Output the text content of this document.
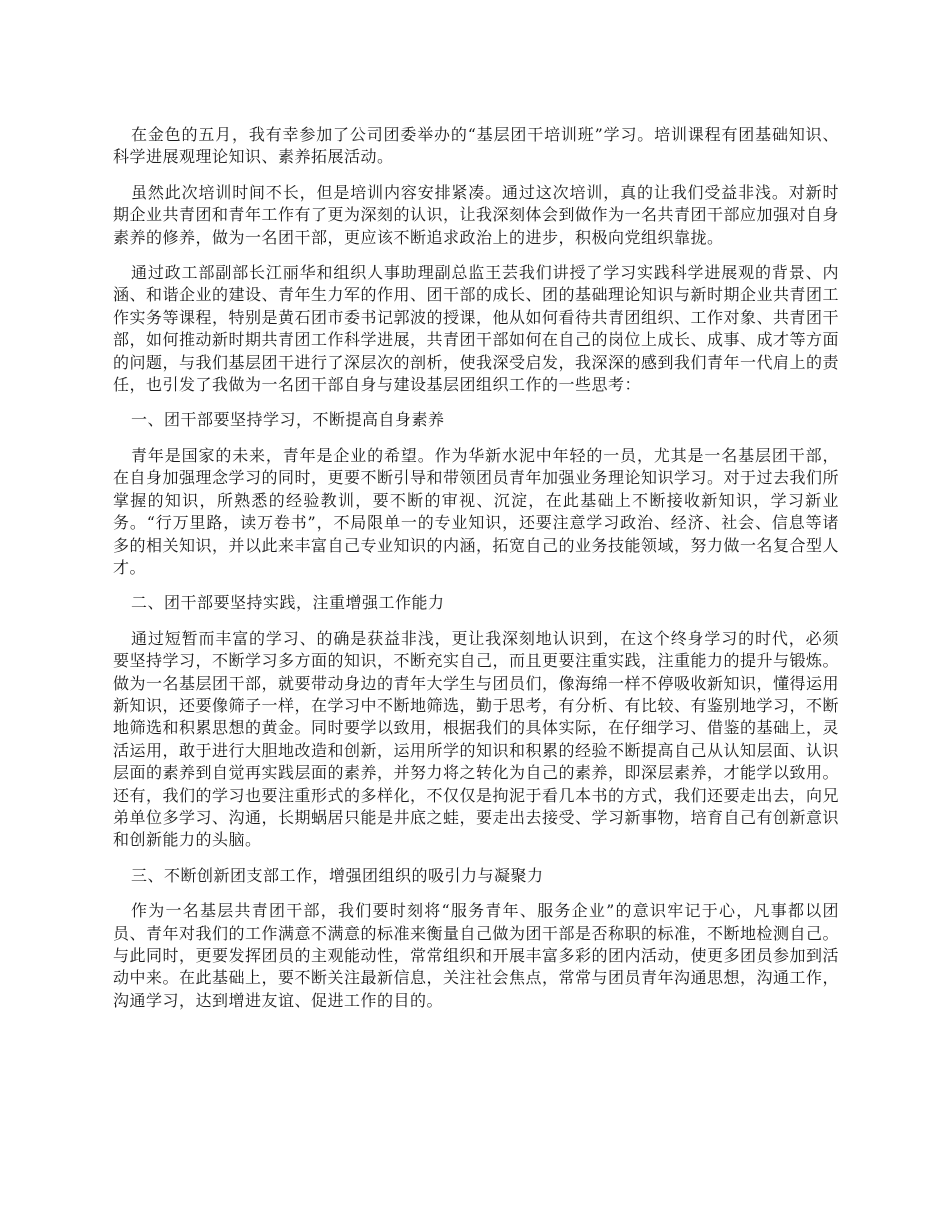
在金色的五月，我有幸参加了公司团委举办的“基层团干培训班”学习。培训课程有团基础知识、科学进展观理论知识、素养拓展活动。

虽然此次培训时间不长，但是培训内容安排紧凑。通过这次培训，真的让我们受益非浅。对新时期企业共青团和青年工作有了更为深刻的认识，让我深刻体会到做作为一名共青团干部应加强对自身素养的修养，做为一名团干部，更应该不断追求政治上的进步，积极向党组织靠拢。

通过政工部副部长江丽华和组织人事助理副总监王芸我们讲授了学习实践科学进展观的背景、内涵、和谐企业的建设、青年生力军的作用、团干部的成长、团的基础理论知识与新时期企业共青团工作实务等课程，特别是黄石团市委书记郭波的授课，他从如何看待共青团组织、工作对象、共青团干部，如何推动新时期共青团工作科学进展，共青团干部如何在自己的岗位上成长、成事、成才等方面的问题，与我们基层团干进行了深层次的剖析，使我深受启发，我深深的感到我们青年一代肩上的责任，也引发了我做为一名团干部自身与建设基层团组织工作的一些思考：

一、团干部要坚持学习，不断提高自身素养

青年是国家的未来，青年是企业的希望。作为华新水泥中年轻的一员，尤其是一名基层团干部，在自身加强理念学习的同时，更要不断引导和带领团员青年加强业务理论知识学习。对于过去我们所掌握的知识，所熟悉的经验教训，要不断的审视、沉淀，在此基础上不断接收新知识，学习新业务。“行万里路，读万卷书”，不局限单一的专业知识，还要注意学习政治、经济、社会、信息等诸多的相关知识，并以此来丰富自己专业知识的内涵，拓宽自己的业务技能领域，努力做一名复合型人才。

二、团干部要坚持实践，注重增强工作能力

通过短暂而丰富的学习、的确是获益非浅，更让我深刻地认识到，在这个终身学习的时代，必须要坚持学习，不断学习多方面的知识，不断充实自己，而且更要注重实践，注重能力的提升与锻炼。做为一名基层团干部，就要带动身边的青年大学生与团员们，像海绵一样不停吸收新知识，懂得运用新知识，还要像筛子一样，在学习中不断地筛选，勤于思考，有分析、有比较、有鉴别地学习，不断地筛选和积累思想的黄金。同时要学以致用，根据我们的具体实际，在仔细学习、借鉴的基础上，灵活运用，敢于进行大胆地改造和创新，运用所学的知识和积累的经验不断提高自己从认知层面、认识层面的素养到自觉再实践层面的素养，并努力将之转化为自己的素养，即深层素养，才能学以致用。还有，我们的学习也要注重形式的多样化，不仅仅是拘泥于看几本书的方式，我们还要走出去，向兄弟单位多学习、沟通，长期蜗居只能是井底之蛙，要走出去接受、学习新事物，培育自己有创新意识和创新能力的头脑。

三、不断创新团支部工作，增强团组织的吸引力与凝聚力

作为一名基层共青团干部，我们要时刻将“服务青年、服务企业”的意识牢记于心，凡事都以团员、青年对我们的工作满意不满意的标准来衡量自己做为团干部是否称职的标准，不断地检测自己。与此同时，更要发挥团员的主观能动性，常常组织和开展丰富多彩的团内活动，使更多团员参加到活动中来。在此基础上，要不断关注最新信息，关注社会焦点，常常与团员青年沟通思想，沟通工作，沟通学习，达到增进友谊、促进工作的目的。
